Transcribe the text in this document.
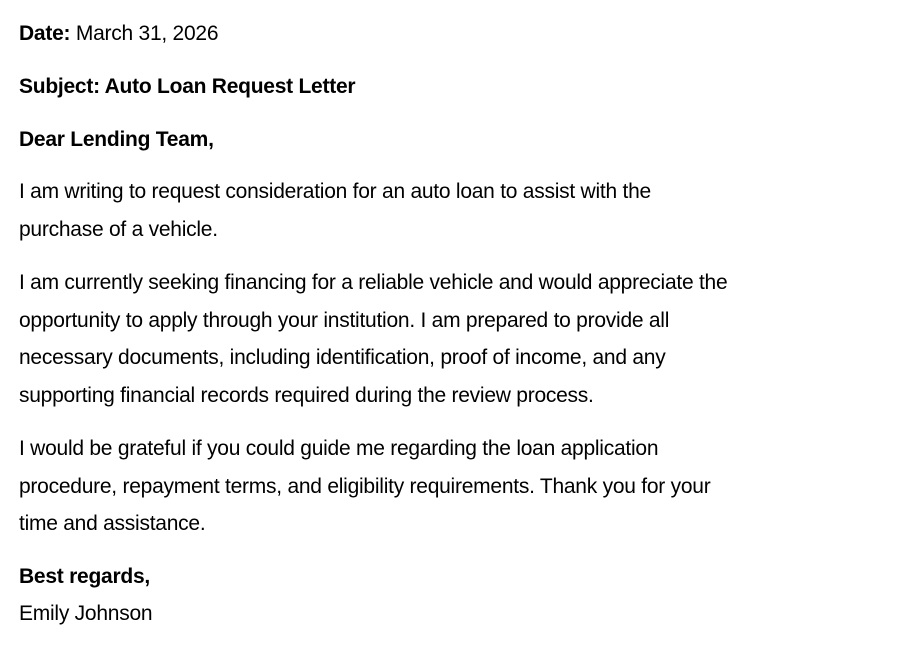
Date: March 31, 2026
Subject: Auto Loan Request Letter
Dear Lending Team,
I am writing to request consideration for an auto loan to assist with the
purchase of a vehicle.
I am currently seeking financing for a reliable vehicle and would appreciate the
opportunity to apply through your institution. I am prepared to provide all
necessary documents, including identification, proof of income, and any
supporting financial records required during the review process.
I would be grateful if you could guide me regarding the loan application
procedure, repayment terms, and eligibility requirements. Thank you for your
time and assistance.
Best regards,
Emily Johnson
